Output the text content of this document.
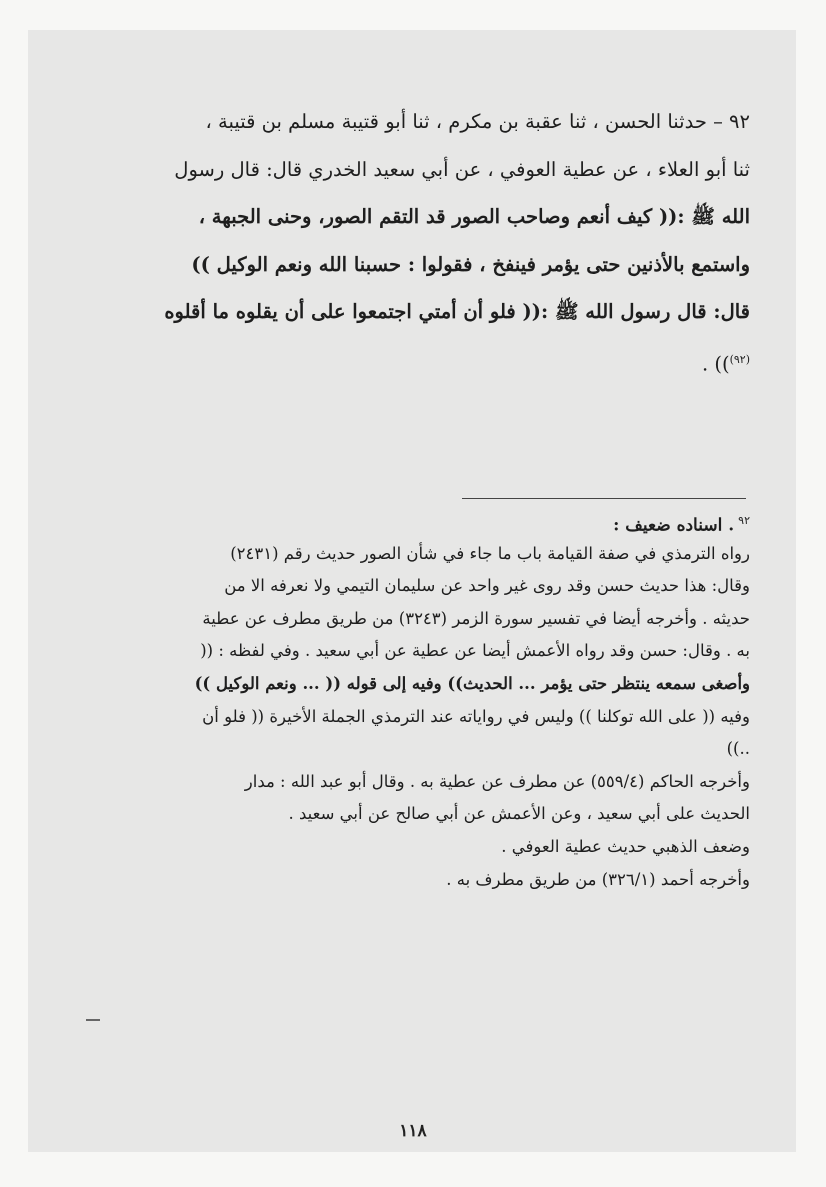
٩٢ – حدثنا الحسن ، ثنا عقبة بن مكرم ، ثنا أبو قتيبة مسلم بن قتيبة ،
ثنا أبو العلاء ، عن عطية العوفي ، عن أبي سعيد الخدري قال: قال رسول
الله ﷺ :(( كيف أنعم وصاحب الصور قد التقم الصور، وحنى الجبهة ،
واستمع بالأذنين حتى يؤمر فينفخ ، فقولوا : حسبنا الله ونعم الوكيل ))
قال: قال رسول الله ﷺ :(( فلو أن أمتي اجتمعوا على أن يقلوه ما أقلوه
$^{(٩٢)}$)) .
$^{٩٢}$. اسناده ضعيف :
رواه الترمذي في صفة القيامة باب ما جاء في شأن الصور حديث رقم (٢٤٣١)
وقال: هذا حديث حسن وقد روى غير واحد عن سليمان التيمي ولا نعرفه الا من
حديثه . وأخرجه أيضا في تفسير سورة الزمر (٣٢٤٣) من طريق مطرف عن عطية
به . وقال: حسن وقد رواه الأعمش أيضا عن عطية عن أبي سعيد . وفي لفظه : ((
وأصغى سمعه ينتظر حتى يؤمر ... الحديث)) وفيه إلى قوله (( ... ونعم الوكيل ))
وفيه (( على الله توكلنا )) وليس في رواياته عند الترمذي الجملة الأخيرة (( فلو أن
..))
وأخرجه الحاكم (٥٥٩/٤) عن مطرف عن عطية به . وقال أبو عبد الله : مدار
الحديث على أبي سعيد ، وعن الأعمش عن أبي صالح عن أبي سعيد .
وضعف الذهبي حديث عطية العوفي .
وأخرجه أحمد (٣٢٦/١) من طريق مطرف به .
١١٨
